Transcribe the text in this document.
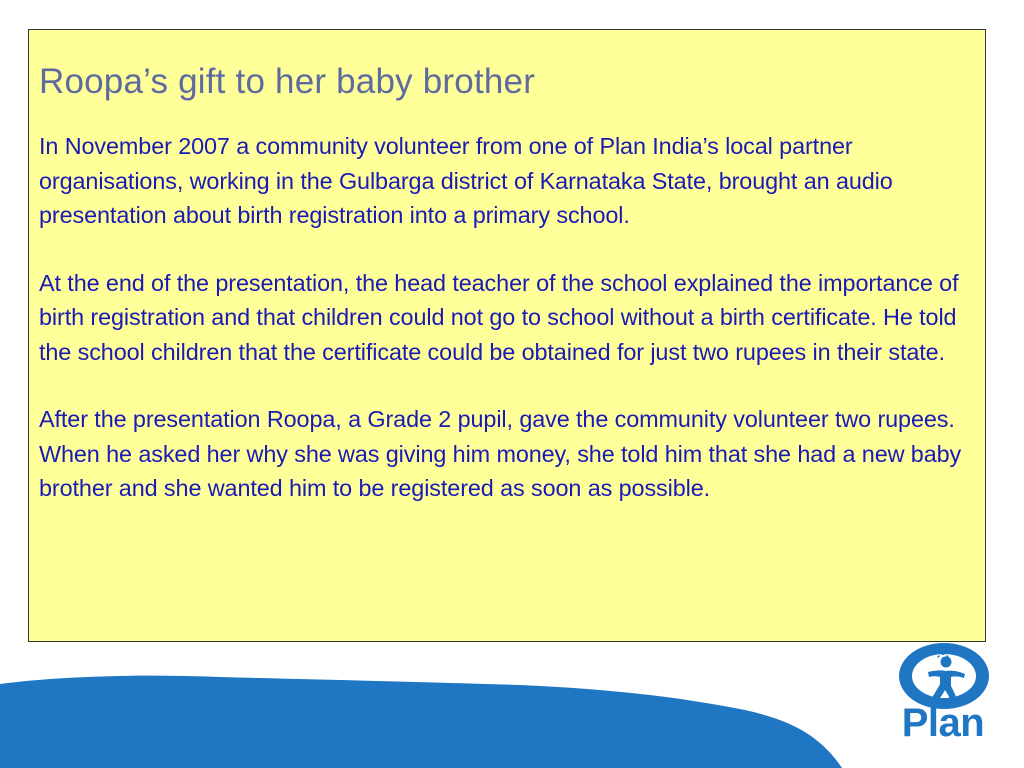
Roopa’s gift to her baby brother

In November 2007 a community volunteer from one of Plan India’s local partner organisations, working in the Gulbarga district of Karnataka State, brought an audio presentation about birth registration into a primary school.

At the end of the presentation, the head teacher of the school explained the importance of birth registration and that children could not go to school without a birth certificate. He told the school children that the certificate could be obtained for just two rupees in their state.

After the presentation Roopa, a Grade 2 pupil, gave the community volunteer two rupees. When he asked her why she was giving him money, she told him that she had a new baby brother and she wanted him to be registered as soon as possible.

Plan
